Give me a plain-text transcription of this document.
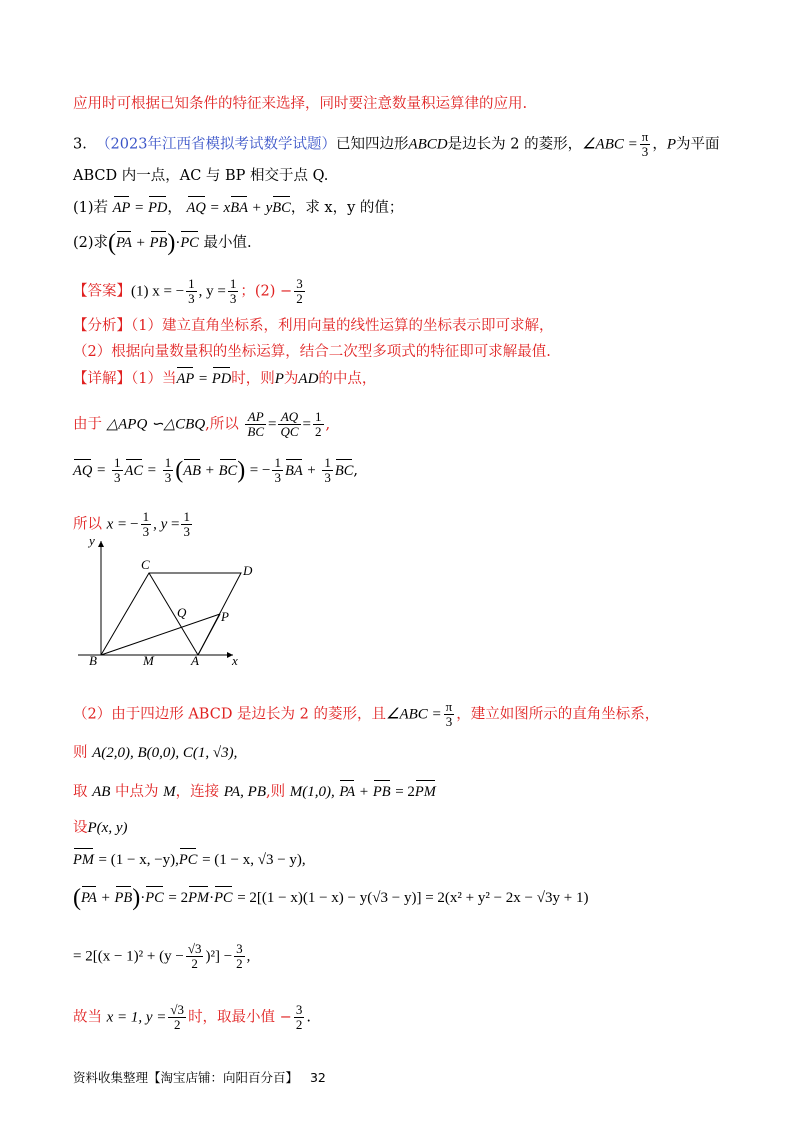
应用时可根据已知条件的特征来选择，同时要注意数量积运算律的应用.
3. （2023年江西省模拟考试数学试题）已知四边形ABCD是边长为 2 的菱形，∠ABC = $\frac{\pi}{3}$ ，P为平面
ABCD 内一点，AC 与 BP 相交于点 Q.
(1)若 AP = PD， AQ = xBA + yBC，求 x，y 的值；
(2)求(PA + PB)·PC 最小值.
【答案】(1) x = − $\frac{1}{3}$ , $y = \frac{1}{3}$ ；$(2) - \frac{3}{2}$
【分析】（1）建立直角坐标系，利用向量的线性运算的坐标表示即可求解，
（2）根据向量数量积的坐标运算，结合二次型多项式的特征即可求解最值.
【详解】（1）当AP = PD时，则P为AD的中点，
由于 △APQ ∽△CBQ,所以 $\frac{AP}{BC} = \frac{AQ}{QC} = \frac{1}{2}$ ,
AQ = $\frac{1}{3}$ AC = $\frac{1}{3} (AB + BC)$ = − $\frac{1}{3}$ BA + $\frac{1}{3}$ BC,
所以 x = − $\frac{1}{3}$ , $y = \frac{1}{3}$
y
x
C	D
Q	P
B	M	A
（2）由于四边形 ABCD 是边长为 2 的菱形，且∠ABC = $\frac{\pi}{3}$ ，建立如图所示的直角坐标系，
则 A(2,0), B(0,0), C(1, √3),
取 AB 中点为 M，连接 PA, PB,则 M(1,0), PA + PB = 2PM
设P(x, y)
PM = (1 − x, −y),PC = (1 − x, √3 − y),
(PA + PB)·PC = 2PM·PC = 2[(1 − x)(1 − x) − y(√3 − y)] = 2(x² + y² − 2x − √3y + 1)
= $2[(x - 1)^2 + (y - \frac{√3}{2} )^2] - \frac{3}{2}$ ,
故当 x = 1, $y = \frac{√3}{2}$ 时，取最小值 − $\frac{3}{2}$ .
资料收集整理【淘宝店铺：向阳百分百】 32
